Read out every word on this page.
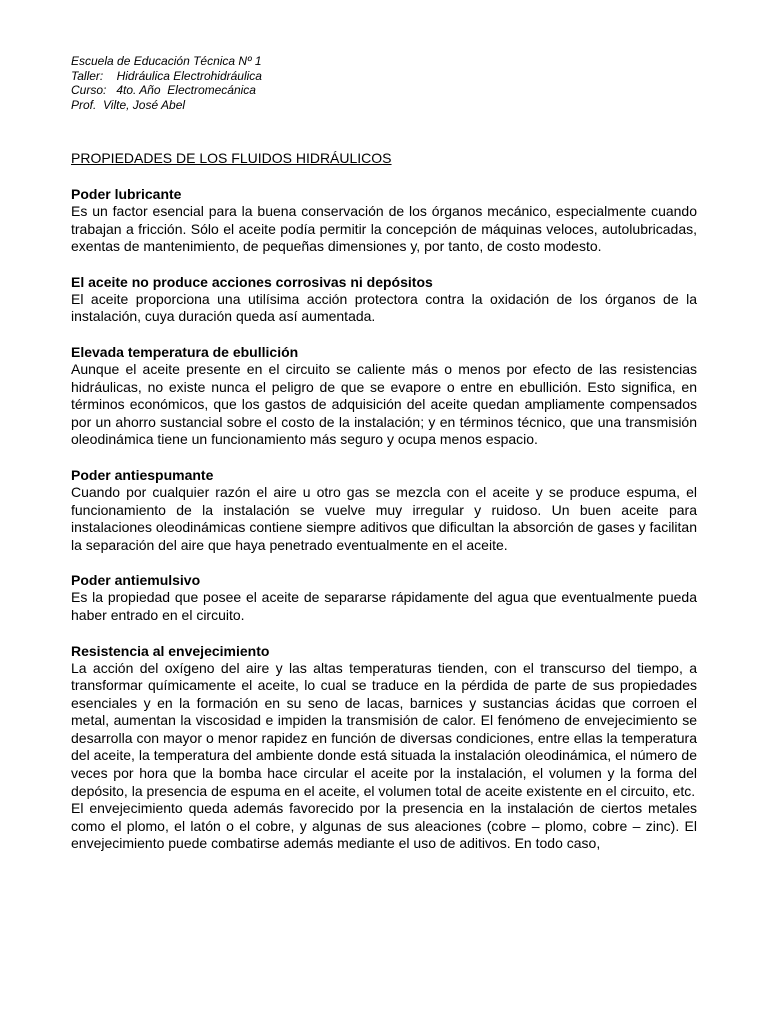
Escuela de Educación Técnica Nº 1
Taller:    Hidráulica Electrohidráulica
Curso:   4to. Año  Electromecánica
Prof.  Vilte, José Abel
PROPIEDADES DE LOS FLUIDOS HIDRÁULICOS
Poder lubricante

Es un factor esencial para la buena conservación de los órganos mecánico, especialmente cuando trabajan a fricción. Sólo el aceite podía permitir la concepción de máquinas veloces, autolubricadas, exentas de mantenimiento, de pequeñas dimensiones y, por tanto, de costo modesto.

El aceite no produce acciones corrosivas ni depósitos

El aceite proporciona una utilísima acción protectora contra la oxidación de los órganos de la instalación, cuya duración queda así aumentada.

Elevada temperatura de ebullición

Aunque el aceite presente en el circuito se caliente más o menos por efecto de las resistencias hidráulicas, no existe nunca el peligro de que se evapore o entre en ebullición. Esto significa, en términos económicos, que los gastos de adquisición del aceite quedan ampliamente compensados por un ahorro sustancial sobre el costo de la instalación; y en términos técnico, que una transmisión oleodinámica tiene un funcionamiento más seguro y ocupa menos espacio.

Poder antiespumante

Cuando por cualquier razón el aire u otro gas se mezcla con el aceite y se produce espuma, el funcionamiento de la instalación se vuelve muy irregular y ruidoso. Un buen aceite para instalaciones oleodinámicas contiene siempre aditivos que dificultan la absorción de gases y facilitan la separación del aire que haya penetrado eventualmente en el aceite.

Poder antiemulsivo

Es la propiedad que posee el aceite de separarse rápidamente del agua que eventualmente pueda haber entrado en el circuito.

Resistencia al envejecimiento

La acción del oxígeno del aire y las altas temperaturas tienden, con el transcurso del tiempo, a transformar químicamente el aceite, lo cual se traduce en la pérdida de parte de sus propiedades esenciales y en la formación en su seno de lacas, barnices y sustancias ácidas que corroen el metal, aumentan la viscosidad e impiden la transmisión de calor. El fenómeno de envejecimiento se desarrolla con mayor o menor rapidez en función de diversas condiciones, entre ellas la temperatura del aceite, la temperatura del ambiente donde está situada la instalación oleodinámica, el número de veces por hora que la bomba hace circular el aceite por la instalación, el volumen y la forma del depósito, la presencia de espuma en el aceite, el volumen total de aceite existente en el circuito, etc.

El envejecimiento queda además favorecido por la presencia en la instalación de ciertos metales como el plomo, el latón o el cobre, y algunas de sus aleaciones (cobre – plomo, cobre – zinc). El envejecimiento puede combatirse además mediante el uso de aditivos. En todo caso,
